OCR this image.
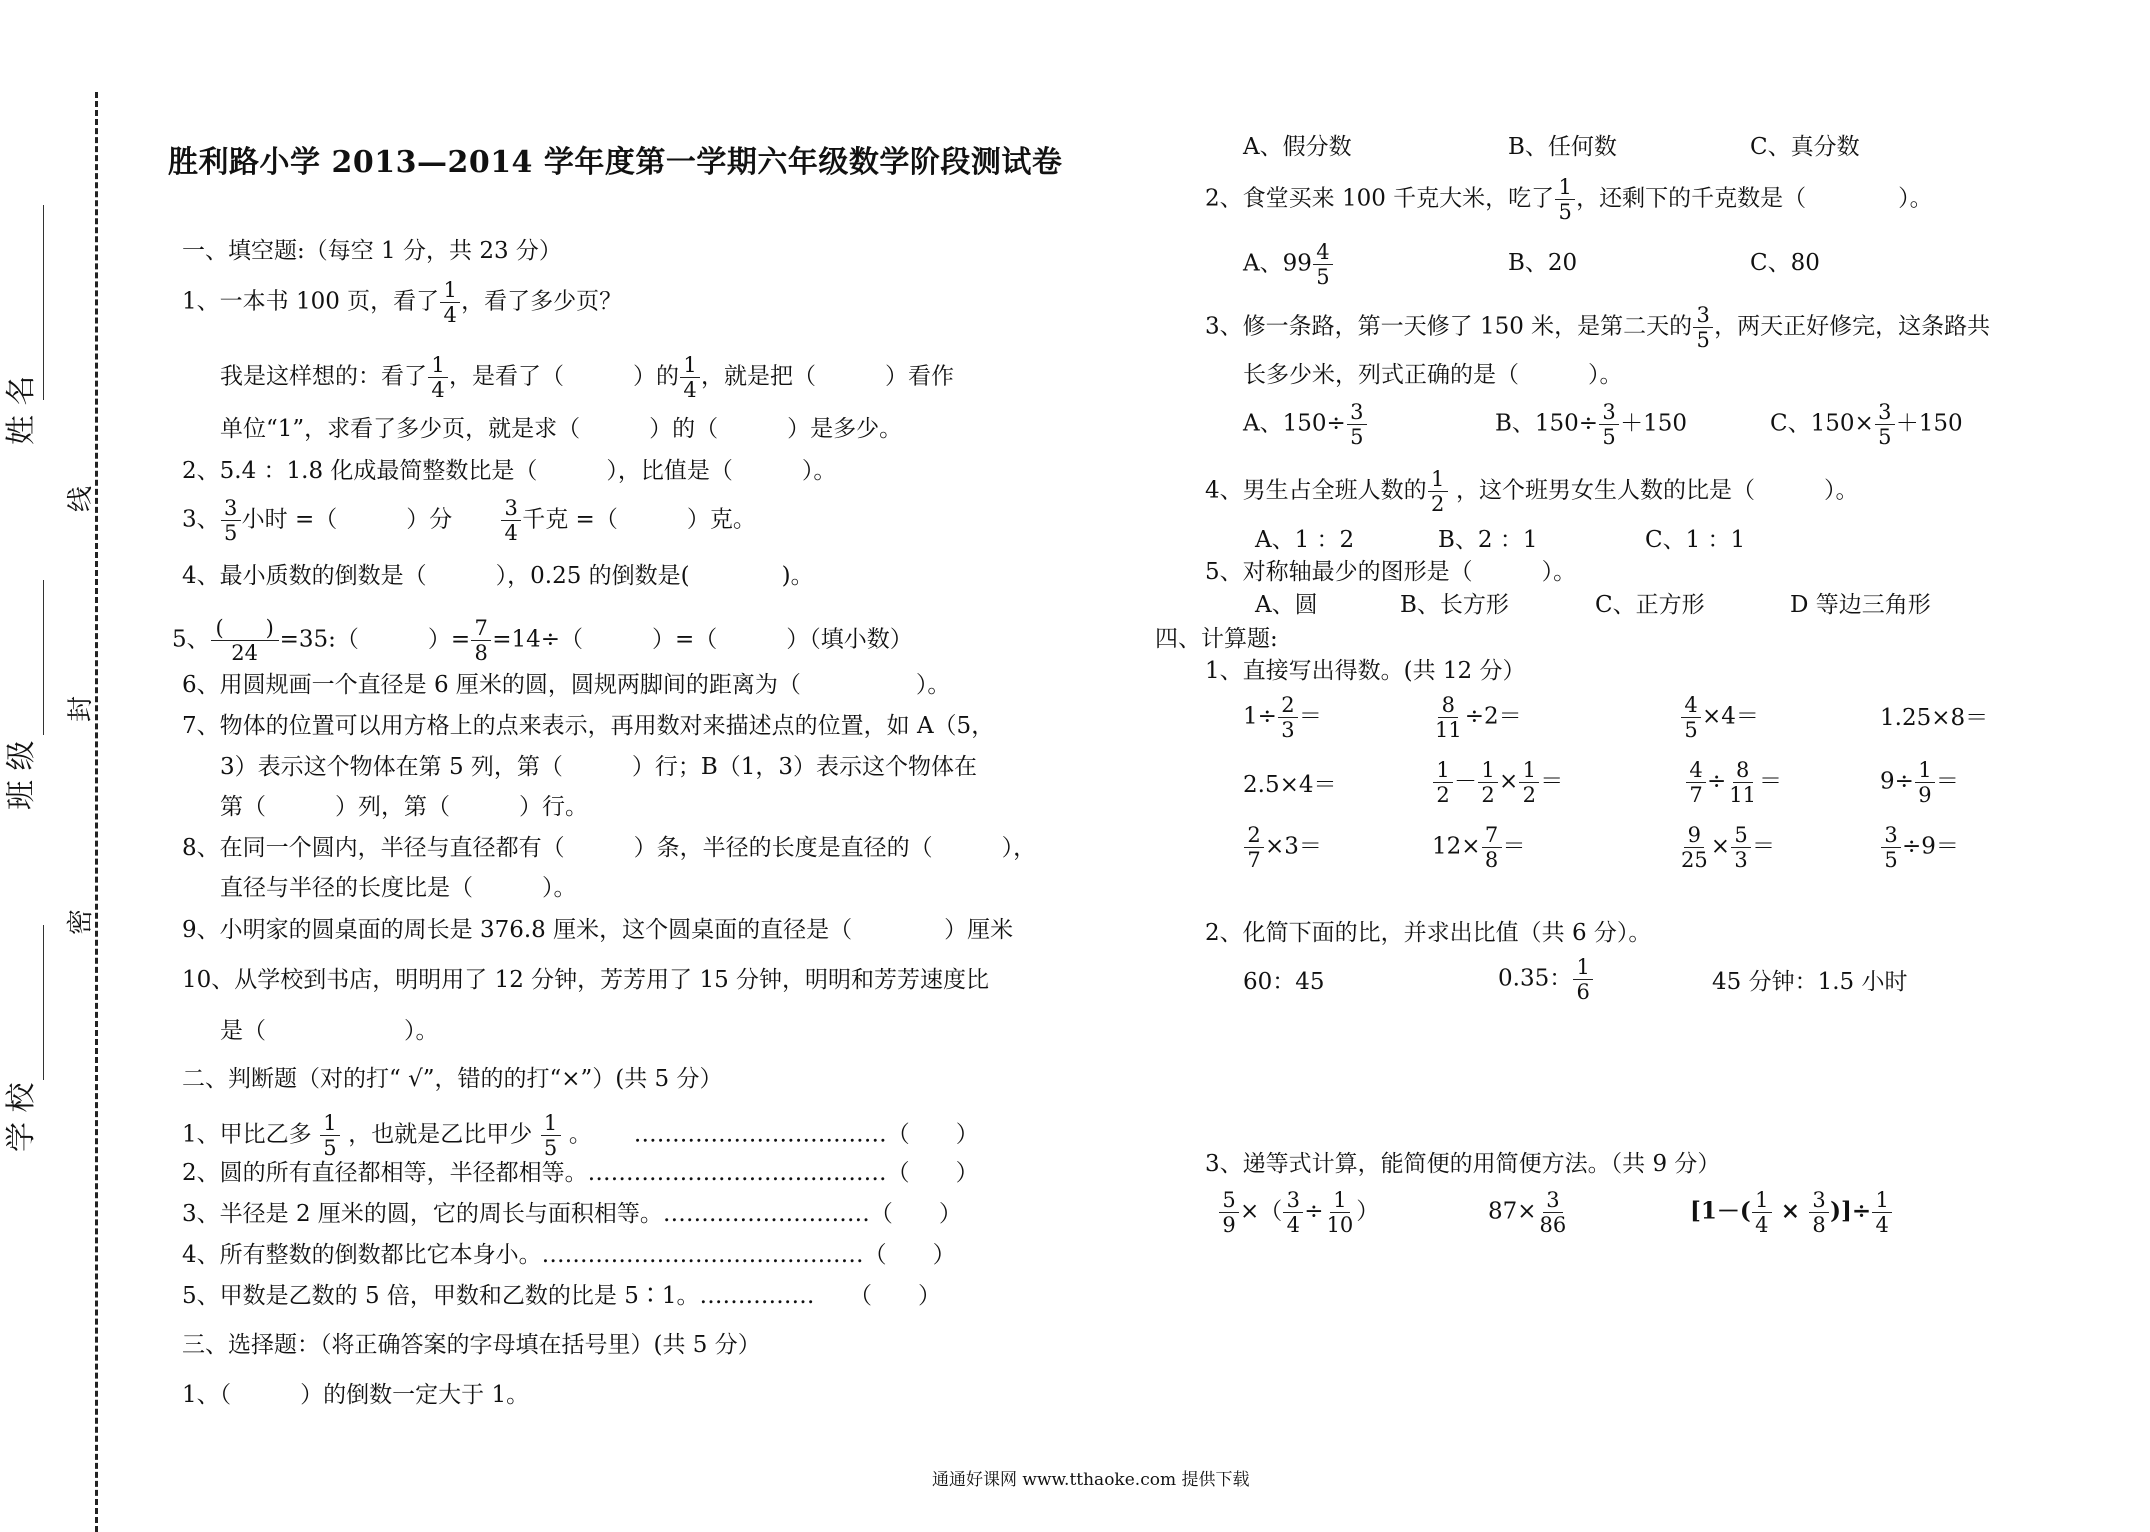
姓 名
班 级
学 校
线
封
密
胜利路小学 2013—2014 学年度第一学期六年级数学阶段测试卷
一、填空题:（每空 1 分，共 23 分）
1、一本书 100 页，看了 $\frac{1}{4}$ ，看了多少页？
我是这样想的：看了 $\frac{1}{4}$ ，是看了（　　　）的 $\frac{1}{4}$ ，就是把（　　　）看作
单位“1”，求看了多少页，就是求（　　　）的（　　　）是多少。
2、5.4 ：1.8 化成最简整数比是（　　　），比值是（　　　）。
3、 $\frac{3}{5}$ 小时 =（　　　）分 $\frac{3}{4}$ 千克 =（　　　）克。
4、最小质数的倒数是（　　　），0.25 的倒数是(　　　　)。
5、 (　　)
24
=35:（　　　）= $\frac{7}{8} =14\div$（　　　）=（　　　）（填小数）
6、用圆规画一个直径是 6 厘米的圆，圆规两脚间的距离为（　　　　　）。
7、物体的位置可以用方格上的点来表示，再用数对来描述点的位置，如 A（5，
3）表示这个物体在第 5 列，第（　　　）行；B（1，3）表示这个物体在
第（　　　）列，第（　　　）行。
8、在同一个圆内，半径与直径都有（　　　）条，半径的长度是直径的（　　　），
直径与半径的长度比是（　　　）。
9、小明家的圆桌面的周长是 376.8 厘米，这个圆桌面的直径是（　　　　）厘米
10、从学校到书店，明明用了 12 分钟，芳芳用了 15 分钟，明明和芳芳速度比
是（　　　　　　）。
二、判断题（对的打“ √”，错的的打“×”）(共 5 分）
1、甲比乙多 $\frac{1}{5}$ ，也就是乙比甲少 $\frac{1}{5}$ 。　　 ……………………………（　　）
2、圆的所有直径都相等，半径都相等。…………………………………（　　）
3、半径是 2 厘米的圆，它的周长与面积相等。………………………（　　）
4、所有整数的倒数都比它本身小。……………………………………（　　）
5、甲数是乙数的 5 倍，甲数和乙数的比是 5∶1。……………　　（　　）
三、选择题：（将正确答案的字母填在括号里）(共 5 分）
1、（　　　）的倒数一定大于 1。
A、假分数	B、任何数	C、真分数
2、食堂买来 100 千克大米，吃了 $\frac{1}{5}$ ，还剩下的千克数是（　　　　）。
A、$99 \frac{4}{5}$	B、20	C、80
3、修一条路，第一天修了 150 米，是第二天的 $\frac{3}{5}$ ，两天正好修完，这条路共
长多少米，列式正确的是（　　　）。
A、$150\div \frac{3}{5}$	B、$150\div \frac{3}{5} +150$	C、$150\times \frac{3}{5} +150$
4、男生占全班人数的 $\frac{1}{2}$ ，这个班男女生人数的比是（　　　）。
A、1 ：2	B、2 ：1	C、1 ：1
5、对称轴最少的图形是（　　　）。
A、圆	B、长方形	C、正方形	D 等边三角形
四、计算题:
1、直接写出得数。(共 12 分）
$1\div \frac{2}{3}$ ＝	$\frac{8}{11} \div 2=$	$\frac{4}{5} \times 4=$	1.25×8＝
2.5×4＝	$\frac{1}{2} - \frac{1}{2} \times \frac{1}{2}$ ＝	$\frac{4}{7} \div \frac{8}{11}$ ＝	$9\div \frac{1}{9}$ ＝
$\frac{2}{7} \times 3=$	$12\times \frac{7}{8}$ ＝	$\frac{9}{25} \times \frac{5}{3}$ ＝	$\frac{3}{5} \div 9=$
2、化简下面的比，并求出比值（共 6 分）。
60：45	0.35： $\frac{1}{6}$	45 分钟：1.5 小时
3、递等式计算，能简便的用简便方法。（共 9 分）
$\frac{5}{9}$ ×（ $\frac{3}{4} \div \frac{1}{10}$ ）	$87\times \frac{3}{86}$	[$1-( \frac{1}{4} \times \frac{3}{8}$ )]÷ $\frac{1}{4}$
通通好课网 www.tthaoke.com 提供下载
